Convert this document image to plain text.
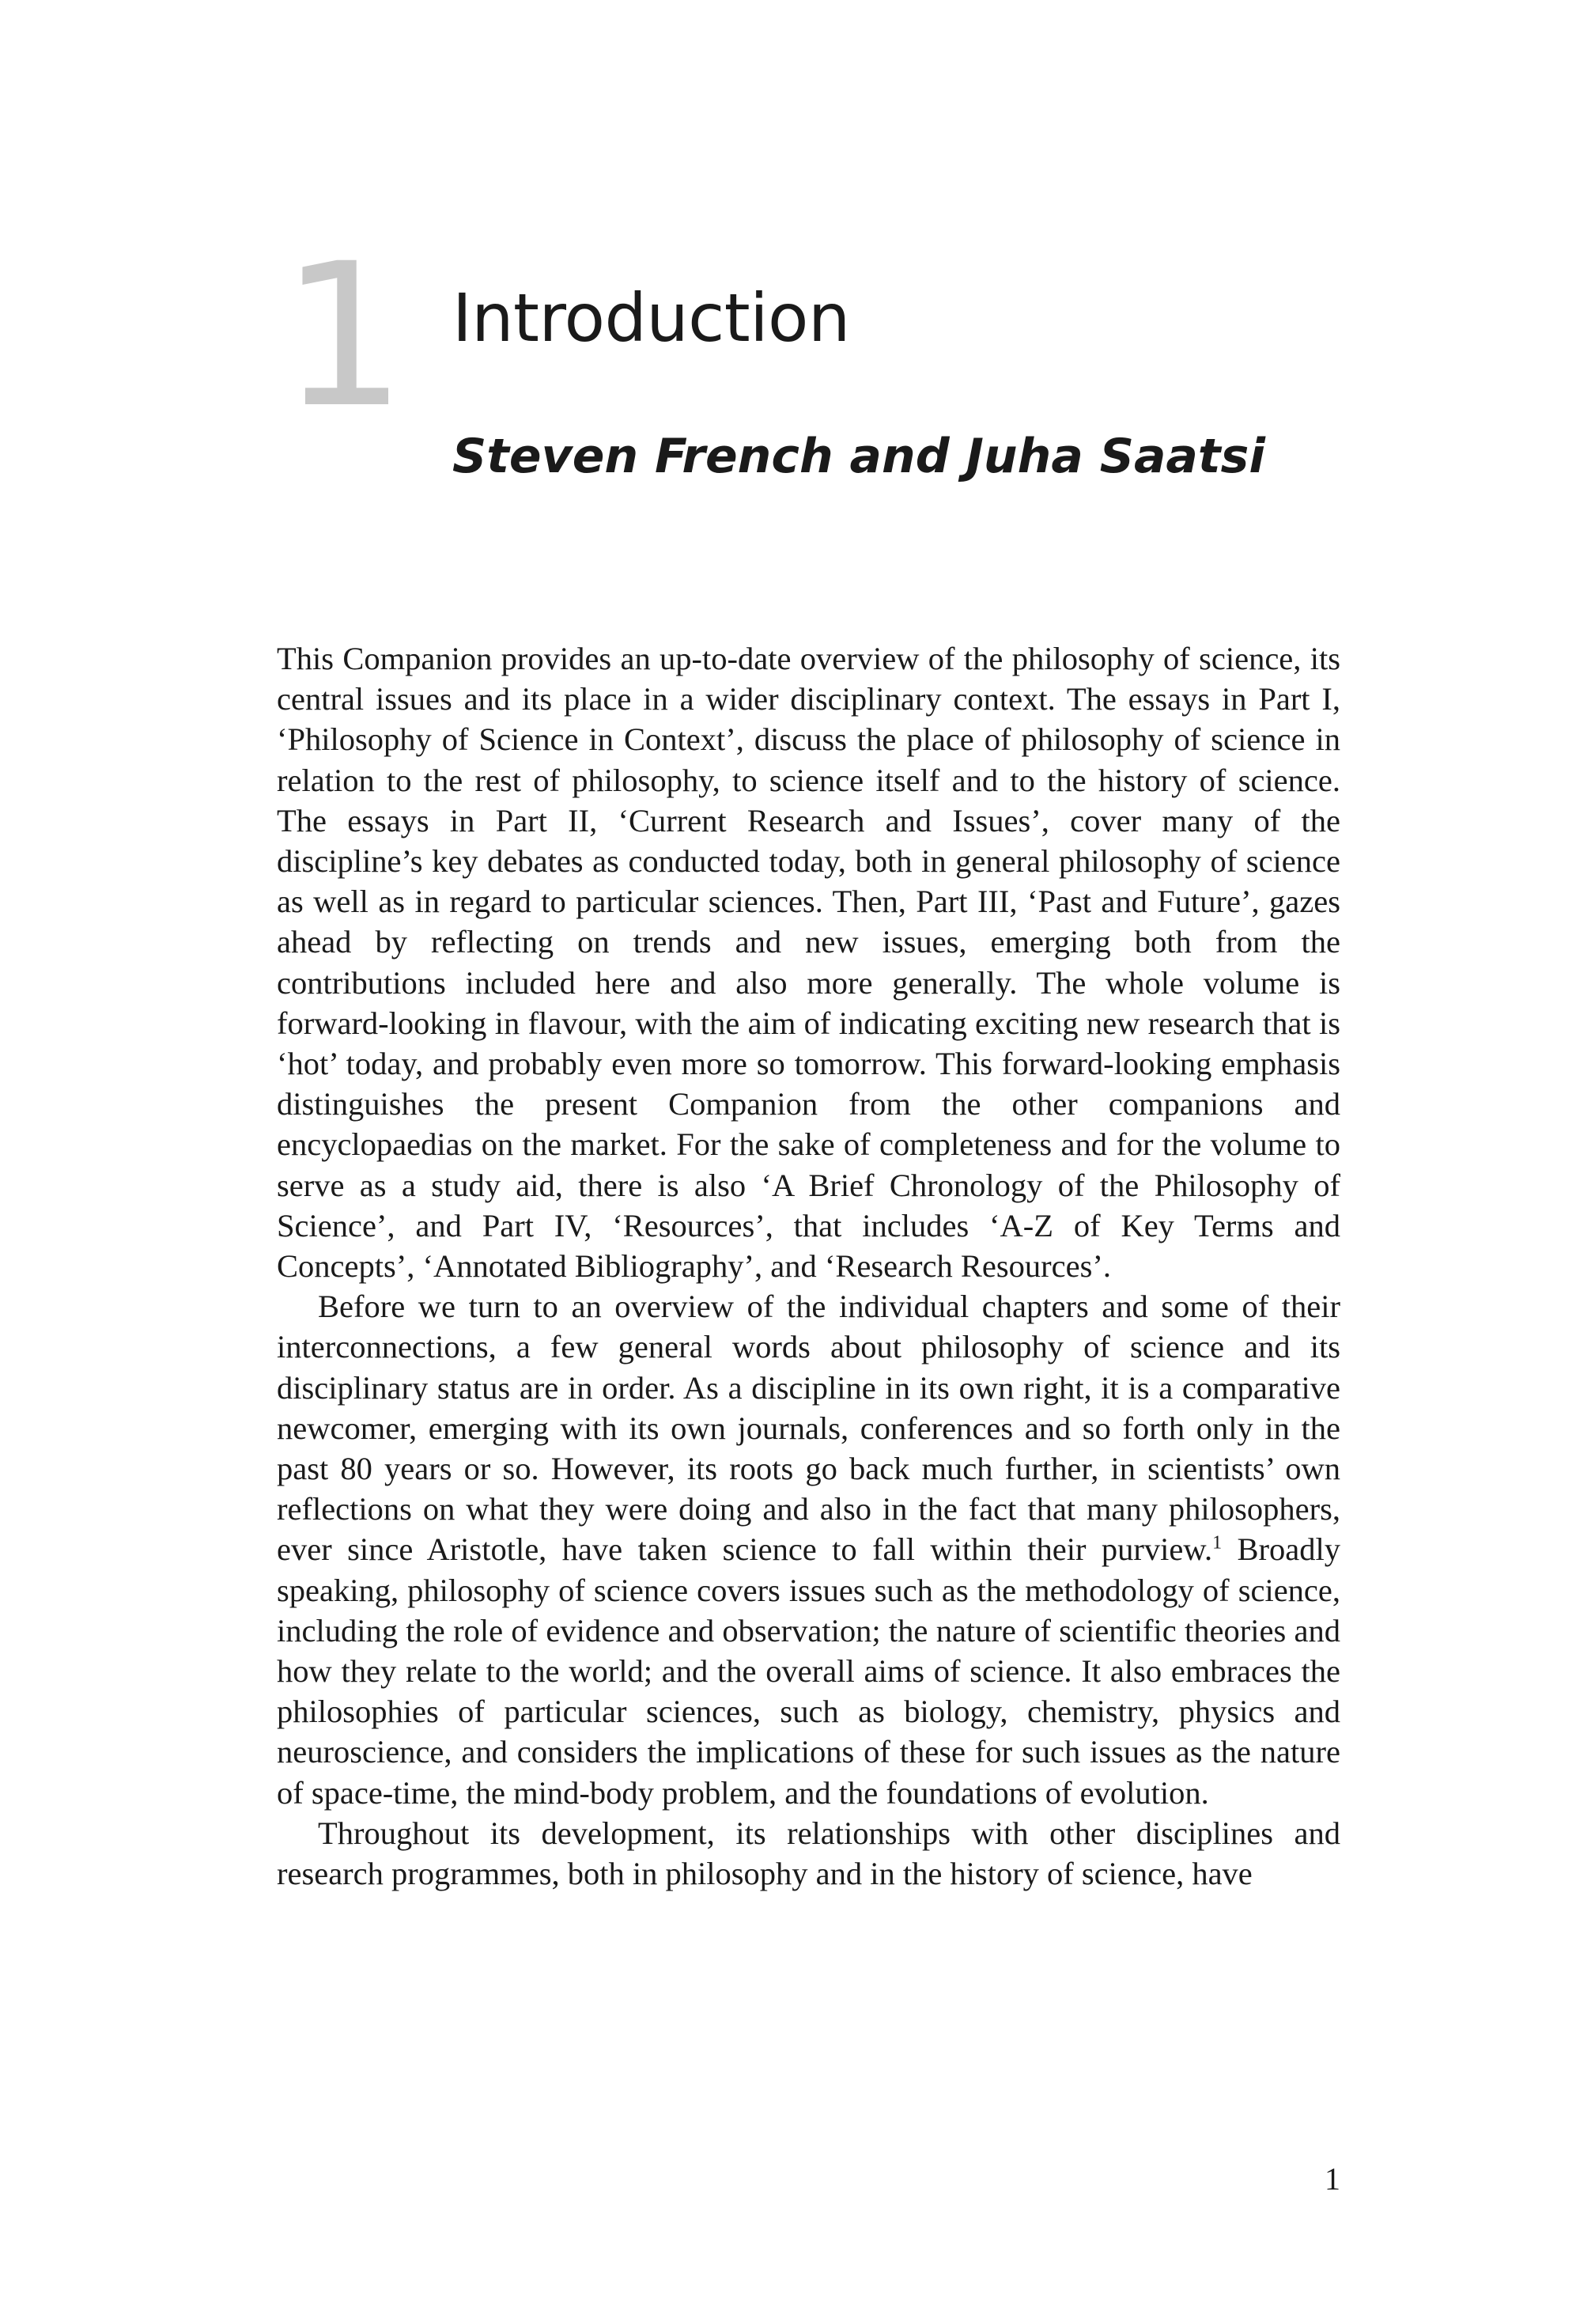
1 Introduction
Steven French and Juha Saatsi

This Companion provides an up-to-date overview of the philosophy of science, its central issues and its place in a wider disciplinary context. The essays in Part I, ‘Philosophy of Science in Context’, discuss the place of philosophy of science in relation to the rest of philosophy, to science itself and to the history of science. The essays in Part II, ‘Current Research and Issues’, cover many of the discipline’s key debates as conducted today, both in general philosophy of science as well as in regard to particular sciences. Then, Part III, ‘Past and Future’, gazes ahead by reflecting on trends and new issues, emerging both from the contributions included here and also more generally. The whole volume is forward-looking in flavour, with the aim of indicating exciting new research that is ‘hot’ today, and probably even more so tomorrow. This forward-looking emphasis distinguishes the present Companion from the other companions and encyclopaedias on the market. For the sake of completeness and for the volume to serve as a study aid, there is also ‘A Brief Chronology of the Philosophy of Science’, and Part IV, ‘Resources’, that includes ‘A-Z of Key Terms and Concepts’, ‘Annotated Bibliography’, and ‘Research Resources’.

Before we turn to an overview of the individual chapters and some of their interconnections, a few general words about philosophy of science and its disciplinary status are in order. As a discipline in its own right, it is a comparative newcomer, emerging with its own journals, conferences and so forth only in the past 80 years or so. However, its roots go back much further, in scientists’ own reflections on what they were doing and also in the fact that many philosophers, ever since Aristotle, have taken science to fall within their purview.$^1$ Broadly speaking, philosophy of science covers issues such as the methodology of science, including the role of evidence and observation; the nature of scientific theories and how they relate to the world; and the overall aims of science. It also embraces the philosophies of particular sciences, such as biology, chemistry, physics and neuroscience, and considers the implications of these for such issues as the nature of space-time, the mind-body problem, and the foundations of evolution.

Throughout its development, its relationships with other disciplines and research programmes, both in philosophy and in the history of science, have

1
